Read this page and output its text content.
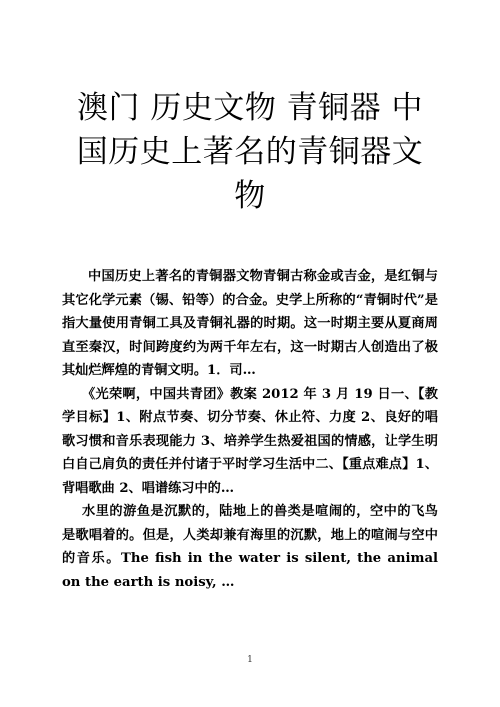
澳门 历史文物 青铜器 中国历史上著名的青铜器文物

中国历史上著名的青铜器文物青铜古称金或吉金，是红铜与其它化学元素（锡、铅等）的合金。史学上所称的“青铜时代”是指大量使用青铜工具及青铜礼器的时期。这一时期主要从夏商周直至秦汉，时间跨度约为两千年左右，这一时期古人创造出了极其灿烂辉煌的青铜文明。1．司…

《光荣啊，中国共青团》教案 2012 年 3 月 19 日一、【教学目标】1、附点节奏、切分节奏、休止符、力度 2、良好的唱歌习惯和音乐表现能力 3、培养学生热爱祖国的情感，让学生明白自己肩负的责任并付诸于平时学习生活中二、【重点难点】1、背唱歌曲 2、唱谱练习中的…

水里的游鱼是沉默的，陆地上的兽类是喧闹的，空中的飞鸟是歌唱着的。但是，人类却兼有海里的沉默，地上的喧闹与空中的音乐。The fish in the water is silent, the animal on the earth is noisy, …

1
